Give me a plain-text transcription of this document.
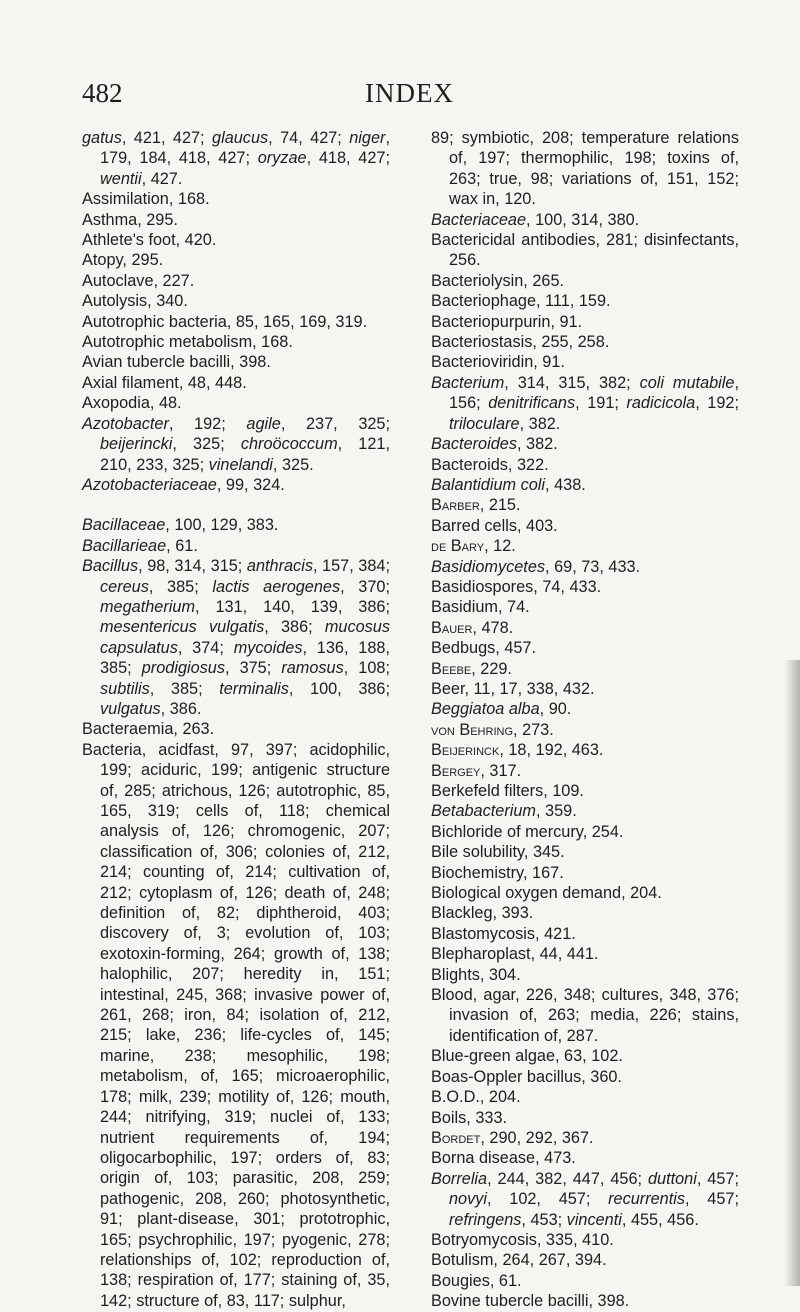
482	INDEX
gatus, 421, 427; glaucus, 74, 427; niger, 179, 184, 418, 427; oryzae, 418, 427; wentii, 427.
Assimilation, 168.
Asthma, 295.
Athlete's foot, 420.
Atopy, 295.
Autoclave, 227.
Autolysis, 340.
Autotrophic bacteria, 85, 165, 169, 319.
Autotrophic metabolism, 168.
Avian tubercle bacilli, 398.
Axial filament, 48, 448.
Axopodia, 48.
Azotobacter, 192; agile, 237, 325; beijerincki, 325; chroöcoccum, 121, 210, 233, 325; vinelandi, 325.
Azotobacteriaceae, 99, 324.
Bacillaceae, 100, 129, 383.
Bacillarieae, 61.
Bacillus, 98, 314, 315; anthracis, 157, 384; cereus, 385; lactis aerogenes, 370; megatherium, 131, 140, 139, 386; mesentericus vulgatis, 386; mucosus capsulatus, 374; mycoides, 136, 188, 385; prodigiosus, 375; ramosus, 108; subtilis, 385; terminalis, 100, 386; vulgatus, 386.
Bacteraemia, 263.
Bacteria, acidfast, 97, 397; acidophilic, 199; aciduric, 199; antigenic structure of, 285; atrichous, 126; autotrophic, 85, 165, 319; cells of, 118; chemical analysis of, 126; chromogenic, 207; classification of, 306; colonies of, 212, 214; counting of, 214; cultivation of, 212; cytoplasm of, 126; death of, 248; definition of, 82; diphtheroid, 403; discovery of, 3; evolution of, 103; exotoxin-forming, 264; growth of, 138; halophilic, 207; heredity in, 151; intestinal, 245, 368; invasive power of, 261, 268; iron, 84; isolation of, 212, 215; lake, 236; life-cycles of, 145; marine, 238; mesophilic, 198; metabolism, of, 165; microaerophilic, 178; milk, 239; motility of, 126; mouth, 244; nitrifying, 319; nuclei of, 133; nutrient requirements of, 194; oligocarbophilic, 197; orders of, 83; origin of, 103; parasitic, 208, 259; pathogenic, 208, 260; photosynthetic, 91; plant-disease, 301; prototrophic, 165; psychrophilic, 197; pyogenic, 278; relationships of, 102; reproduction of, 138; respiration of, 177; staining of, 35, 142; structure of, 83, 117; sulphur,
89; symbiotic, 208; temperature relations of, 197; thermophilic, 198; toxins of, 263; true, 98; variations of, 151, 152; wax in, 120.
Bacteriaceae, 100, 314, 380.
Bactericidal antibodies, 281; disinfectants, 256.
Bacteriolysin, 265.
Bacteriophage, 111, 159.
Bacteriopurpurin, 91.
Bacteriostasis, 255, 258.
Bacterioviridin, 91.
Bacterium, 314, 315, 382; coli mutabile, 156; denitrificans, 191; radicicola, 192; triloculare, 382.
Bacteroides, 382.
Bacteroids, 322.
Balantidium coli, 438.
Barber, 215.
Barred cells, 403.
de Bary, 12.
Basidiomycetes, 69, 73, 433.
Basidiospores, 74, 433.
Basidium, 74.
Bauer, 478.
Bedbugs, 457.
Beebe, 229.
Beer, 11, 17, 338, 432.
Beggiatoa alba, 90.
von Behring, 273.
Beijerinck, 18, 192, 463.
Bergey, 317.
Berkefeld filters, 109.
Betabacterium, 359.
Bichloride of mercury, 254.
Bile solubility, 345.
Biochemistry, 167.
Biological oxygen demand, 204.
Blackleg, 393.
Blastomycosis, 421.
Blepharoplast, 44, 441.
Blights, 304.
Blood, agar, 226, 348; cultures, 348, 376; invasion of, 263; media, 226; stains, identification of, 287.
Blue-green algae, 63, 102.
Boas-Oppler bacillus, 360.
B.O.D., 204.
Boils, 333.
Bordet, 290, 292, 367.
Borna disease, 473.
Borrelia, 244, 382, 447, 456; duttoni, 457; novyi, 102, 457; recurrentis, 457; refringens, 453; vincenti, 455, 456.
Botryomycosis, 335, 410.
Botulism, 264, 267, 394.
Bougies, 61.
Bovine tubercle bacilli, 398.
